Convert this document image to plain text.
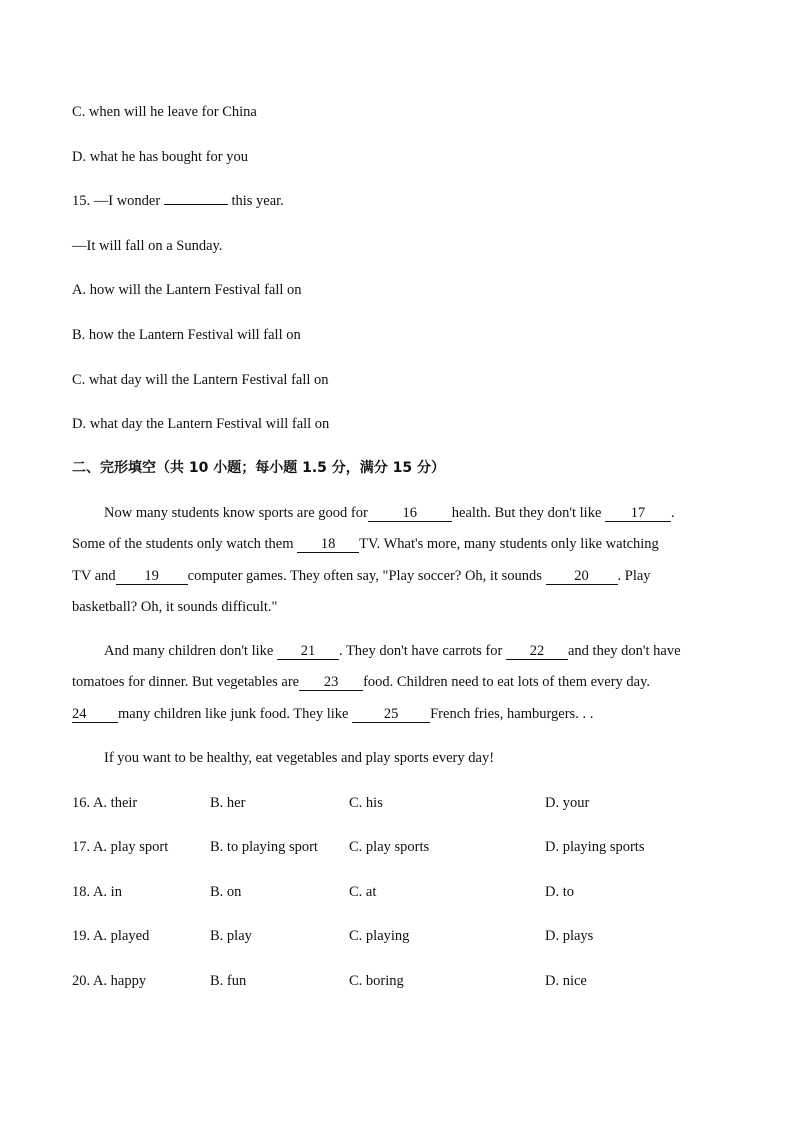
C. when will he leave for China
D. what he has bought for you
15. —I wonder	this year.
—It will fall on a Sunday.
A. how will the Lantern Festival fall on
B. how the Lantern Festival will fall on
C. what day will the Lantern Festival fall on
D. what day the Lantern Festival will fall on
二、完形填空（共 10 小题；每小题 1.5 分，满分 15 分）
Now many students know sports are good for 16 health. But they don't like 17 .
Some of the students only watch them 18 TV. What's more, many students only like watching
TV and 19 computer games. They often say, "Play soccer? Oh, it sounds 20 . Play
basketball? Oh, it sounds difficult."
And many children don't like 21 . They don't have carrots for 22 and they don't have
tomatoes for dinner. But vegetables are 23 food. Children need to eat lots of them every day.
24 many children like junk food. They like 25 French fries, hamburgers. . .
If you want to be healthy, eat vegetables and play sports every day!
16. A. their	B. her	C. his	D. your
17. A. play sport	B. to playing sport C. play sports	D. playing sports
18. A. in	B. on	C. at	D. to
19. A. played	B. play	C. playing	D. plays
20. A. happy	B. fun	C. boring	D. nice
